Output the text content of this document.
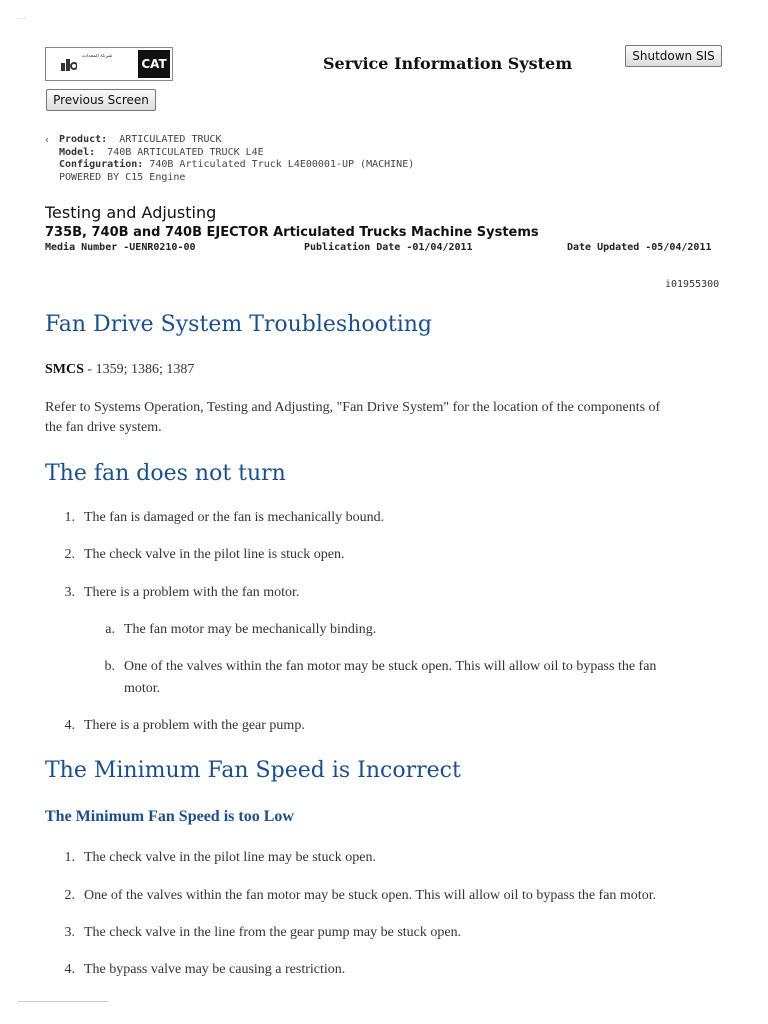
....
شركة المعدات
CAT	Service Information System	Shutdown SIS
Previous Screen
‹ Product: ARTICULATED TRUCK
Model: 740B ARTICULATED TRUCK L4E
Configuration: 740B Articulated Truck L4E00001-UP (MACHINE)
POWERED BY C15 Engine
Testing and Adjusting
735B, 740B and 740B EJECTOR Articulated Trucks Machine Systems
Media Number -UENR0210-00	Publication Date -01/04/2011	Date Updated -05/04/2011
i01955300
Fan Drive System Troubleshooting
SMCS - 1359; 1386; 1387
Refer to Systems Operation, Testing and Adjusting, "Fan Drive System" for the location of the components of
the fan drive system.
The fan does not turn
1. The fan is damaged or the fan is mechanically bound.
2. The check valve in the pilot line is stuck open.
3. There is a problem with the fan motor.
a. The fan motor may be mechanically binding.
b. One of the valves within the fan motor may be stuck open. This will allow oil to bypass the fan
motor.
4. There is a problem with the gear pump.
The Minimum Fan Speed is Incorrect
The Minimum Fan Speed is too Low
1. The check valve in the pilot line may be stuck open.
2. One of the valves within the fan motor may be stuck open. This will allow oil to bypass the fan motor.
3. The check valve in the line from the gear pump may be stuck open.
4. The bypass valve may be causing a restriction.
